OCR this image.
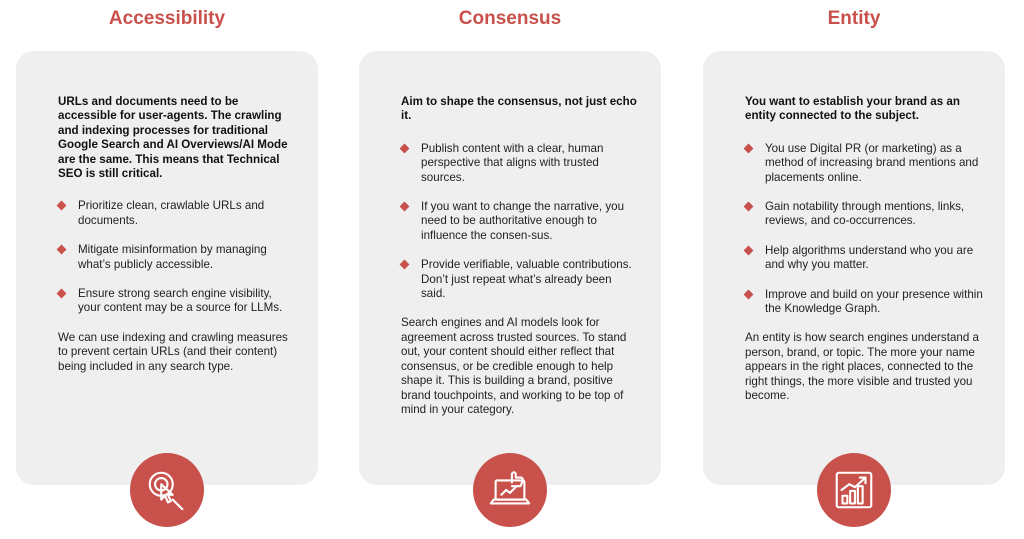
Accessibility

URLs and documents need to be accessible for user-agents. The crawling and indexing processes for traditional Google Search and AI Overviews/AI Mode are the same. This means that Technical SEO is still critical.

Prioritize clean, crawlable URLs and documents.
Mitigate misinformation by managing what’s publicly accessible.
Ensure strong search engine visibility, your content may be a source for LLMs.

We can use indexing and crawling measures to prevent certain URLs (and their content) being included in any search type.

Consensus

Aim to shape the consensus, not just echo it.

Publish content with a clear, human perspective that aligns with trusted sources.
If you want to change the narrative, you need to be authoritative enough to influence the consen-sus.
Provide verifiable, valuable contributions. Don’t just repeat what’s already been said.

Search engines and AI models look for agreement across trusted sources. To stand out, your content should either reflect that consensus, or be credible enough to help shape it. This is building a brand, positive brand touchpoints, and working to be top of mind in your category.

Entity

You want to establish your brand as an entity connected to the subject.

You use Digital PR (or marketing) as a method of increasing brand mentions and placements online.
Gain notability through mentions, links, reviews, and co-occurrences.
Help algorithms understand who you are and why you matter.
Improve and build on your presence within the Knowledge Graph.

An entity is how search engines understand a person, brand, or topic. The more your name appears in the right places, connected to the right things, the more visible and trusted you become.
